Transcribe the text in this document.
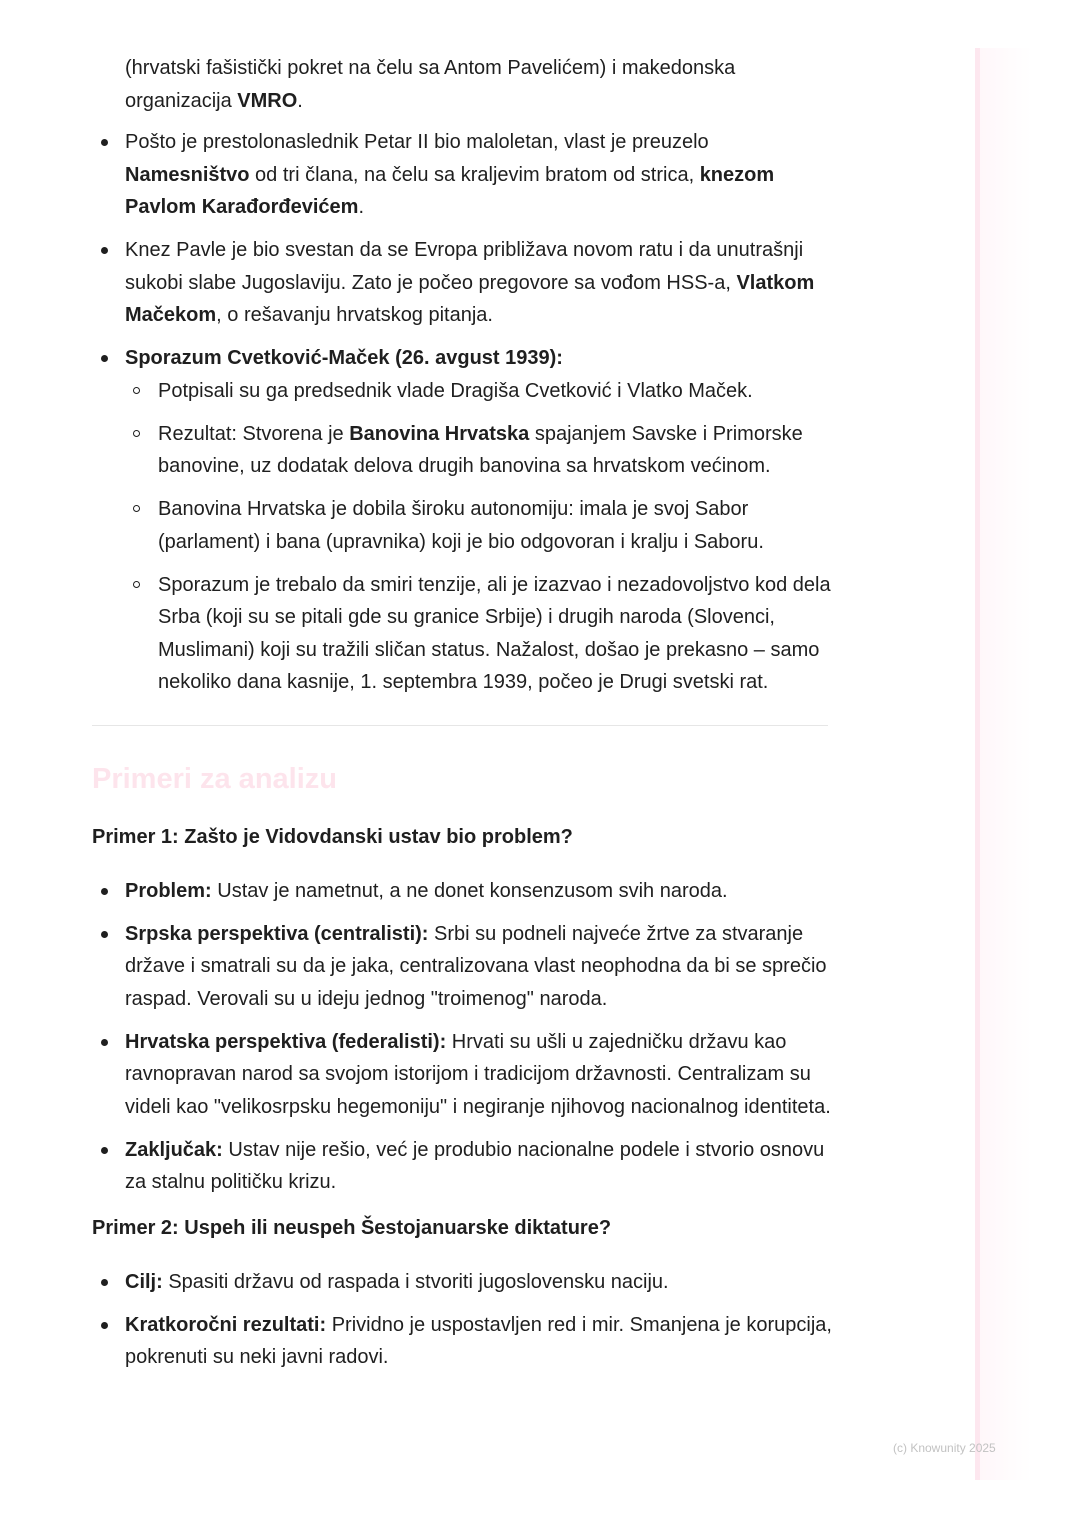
(hrvatski fašistički pokret na čelu sa Antom Pavelićem) i makedonska organizacija VMRO.

Pošto je prestolonaslednik Petar II bio maloletan, vlast je preuzelo Namesništvo od tri člana, na čelu sa kraljevim bratom od strica, knezom Pavlom Karađorđevićem.
Knez Pavle je bio svestan da se Evropa približava novom ratu i da unutrašnji sukobi slabe Jugoslaviju. Zato je počeo pregovore sa vođom HSS-a, Vlatkom Mačekom, o rešavanju hrvatskog pitanja.
Sporazum Cvetković-Maček (26. avgust 1939):
Potpisali su ga predsednik vlade Dragiša Cvetković i Vlatko Maček.
Rezultat: Stvorena je Banovina Hrvatska spajanjem Savske i Primorske banovine, uz dodatak delova drugih banovina sa hrvatskom većinom.
Banovina Hrvatska je dobila široku autonomiju: imala je svoj Sabor (parlament) i bana (upravnika) koji je bio odgovoran i kralju i Saboru.
Sporazum je trebalo da smiri tenzije, ali je izazvao i nezadovoljstvo kod dela Srba (koji su se pitali gde su granice Srbije) i drugih naroda (Slovenci, Muslimani) koji su tražili sličan status. Nažalost, došao je prekasno – samo nekoliko dana kasnije, 1. septembra 1939, počeo je Drugi svetski rat.
Primeri za analizu
Primer 1: Zašto je Vidovdanski ustav bio problem?
Problem: Ustav je nametnut, a ne donet konsenzusom svih naroda.
Srpska perspektiva (centralisti): Srbi su podneli najveće žrtve za stvaranje države i smatrali su da je jaka, centralizovana vlast neophodna da bi se sprečio raspad. Verovali su u ideju jednog "troimenog" naroda.
Hrvatska perspektiva (federalisti): Hrvati su ušli u zajedničku državu kao ravnopravan narod sa svojom istorijom i tradicijom državnosti. Centralizam su videli kao "velikosrpsku hegemoniju" i negiranje njihovog nacionalnog identiteta.
Zaključak: Ustav nije rešio, već je produbio nacionalne podele i stvorio osnovu za stalnu političku krizu.
Primer 2: Uspeh ili neuspeh Šestojanuarske diktature?
Cilj: Spasiti državu od raspada i stvoriti jugoslovensku naciju.
Kratkoročni rezultati: Prividno je uspostavljen red i mir. Smanjena je korupcija, pokrenuti su neki javni radovi.
(c) Knowunity 2025
